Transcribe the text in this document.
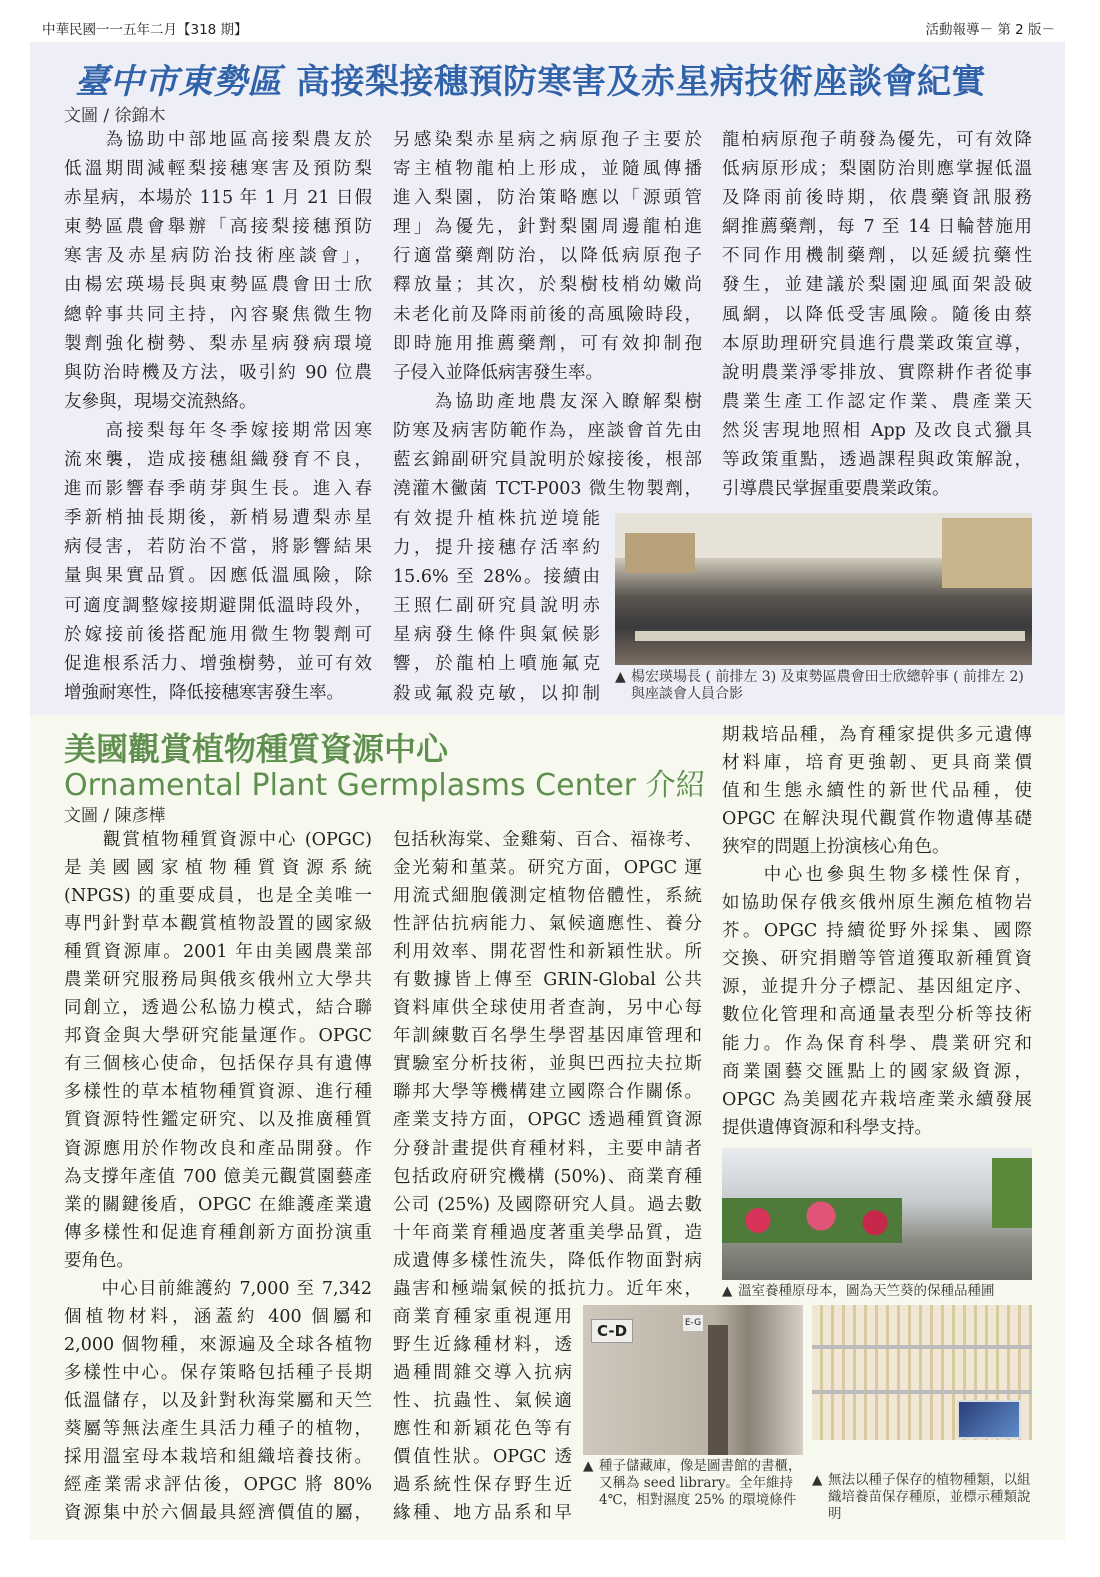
中華民國一一五年二月【318 期】	活動報導－ 第 2 版－
臺中市東勢區 高接梨接穗預防寒害及赤星病技術座談會紀實
文圖 / 徐錦木
　　為協助中部地區高接梨農友於
低溫期間減輕梨接穗寒害及預防梨
赤星病，本場於 115 年 1 月 21 日假
東勢區農會舉辦「高接梨接穗預防
寒害及赤星病防治技術座談會」，
由楊宏瑛場長與東勢區農會田士欣
總幹事共同主持，內容聚焦微生物
製劑強化樹勢、梨赤星病發病環境
與防治時機及方法，吸引約 90 位農
友參與，現場交流熱絡。
　　高接梨每年冬季嫁接期常因寒
流來襲，造成接穗組織發育不良，
進而影響春季萌芽與生長。進入春
季新梢抽長期後，新梢易遭梨赤星
病侵害，若防治不當，將影響結果
量與果實品質。因應低溫風險，除
可適度調整嫁接期避開低溫時段外，
於嫁接前後搭配施用微生物製劑可
促進根系活力、增強樹勢，並可有效
增強耐寒性，降低接穗寒害發生率。
另感染梨赤星病之病原孢子主要於
寄主植物龍柏上形成，並隨風傳播
進入梨園，防治策略應以「源頭管
理」為優先，針對梨園周邊龍柏進
行適當藥劑防治，以降低病原孢子
釋放量；其次，於梨樹枝梢幼嫩尚
未老化前及降雨前後的高風險時段，
即時施用推薦藥劑，可有效抑制孢
子侵入並降低病害發生率。
　　為協助產地農友深入瞭解梨樹
防寒及病害防範作為，座談會首先由
藍玄錦副研究員說明於嫁接後，根部
澆灌木黴菌 TCT-P003 微生物製劑，
有效提升植株抗逆境能
力，提升接穗存活率約
15.6% 至 28%。接續由
王照仁副研究員說明赤
星病發生條件與氣候影
響，於龍柏上噴施氟克
殺或氟殺克敏，以抑制
龍柏病原孢子萌發為優先，可有效降
低病原形成；梨園防治則應掌握低溫
及降雨前後時期，依農藥資訊服務
網推薦藥劑，每 7 至 14 日輪替施用
不同作用機制藥劑，以延緩抗藥性
發生，並建議於梨園迎風面架設破
風網，以降低受害風險。隨後由蔡
本原助理研究員進行農業政策宣導，
說明農業淨零排放、實際耕作者從事
農業生產工作認定作業、農產業天
然災害現地照相 App 及改良式獵具
等政策重點，透過課程與政策解說，
引導農民掌握重要農業政策。
▲ 楊宏瑛場長 ( 前排左 3) 及東勢區農會田士欣總幹事 ( 前排左 2) 與座談會人員合影
美國觀賞植物種質資源中心
Ornamental Plant Germplasms Center 介紹
文圖 / 陳彥樺
　　觀賞植物種質資源中心 (OPGC)
是美國國家植物種質資源系統
(NPGS) 的重要成員，也是全美唯一
專門針對草本觀賞植物設置的國家級
種質資源庫。2001 年由美國農業部
農業研究服務局與俄亥俄州立大學共
同創立，透過公私協力模式，結合聯
邦資金與大學研究能量運作。OPGC
有三個核心使命，包括保存具有遺傳
多樣性的草本植物種質資源、進行種
質資源特性鑑定研究、以及推廣種質
資源應用於作物改良和產品開發。作
為支撐年產值 700 億美元觀賞園藝產
業的關鍵後盾，OPGC 在維護產業遺
傳多樣性和促進育種創新方面扮演重
要角色。
　　中心目前維護約 7,000 至 7,342
個植物材料，涵蓋約 400 個屬和
2,000 個物種，來源遍及全球各植物
多樣性中心。保存策略包括種子長期
低溫儲存，以及針對秋海棠屬和天竺
葵屬等無法產生具活力種子的植物，
採用溫室母本栽培和組織培養技術。
經產業需求評估後，OPGC 將 80%
資源集中於六個最具經濟價值的屬，
包括秋海棠、金雞菊、百合、福祿考、
金光菊和堇菜。研究方面，OPGC 運
用流式細胞儀測定植物倍體性，系統
性評估抗病能力、氣候適應性、養分
利用效率、開花習性和新穎性狀。所
有數據皆上傳至 GRIN-Global 公共
資料庫供全球使用者查詢，另中心每
年訓練數百名學生學習基因庫管理和
實驗室分析技術，並與巴西拉夫拉斯
聯邦大學等機構建立國際合作關係。
產業支持方面，OPGC 透過種質資源
分發計畫提供育種材料，主要申請者
包括政府研究機構 (50%)、商業育種
公司 (25%) 及國際研究人員。過去數
十年商業育種過度著重美學品質，造
成遺傳多樣性流失，降低作物面對病
蟲害和極端氣候的抵抗力。近年來，
商業育種家重視運用
野生近緣種材料，透
過種間雜交導入抗病
性、抗蟲性、氣候適
應性和新穎花色等有
價值性狀。OPGC 透
過系統性保存野生近
緣種、地方品系和早
期栽培品種，為育種家提供多元遺傳
材料庫，培育更強韌、更具商業價
值和生態永續性的新世代品種，使
OPGC 在解決現代觀賞作物遺傳基礎
狹窄的問題上扮演核心角色。
　　中心也參與生物多樣性保育，
如協助保存俄亥俄州原生瀕危植物岩
芥。OPGC 持續從野外採集、國際
交換、研究捐贈等管道獲取新種質資
源，並提升分子標記、基因組定序、
數位化管理和高通量表型分析等技術
能力。作為保育科學、農業研究和
商業園藝交匯點上的國家級資源，
OPGC 為美國花卉栽培產業永續發展
提供遺傳資源和科學支持。
▲ 溫室養種原母本，圖為天竺葵的保種品種圃
C-D	E-G
▲ 種子儲藏庫，像是圖書館的書櫃，又稱為 seed library。全年維持 4℃，相對濕度 25% 的環境條件
▲ 無法以種子保存的植物種類，以組織培養苗保存種原，並標示種類說明
